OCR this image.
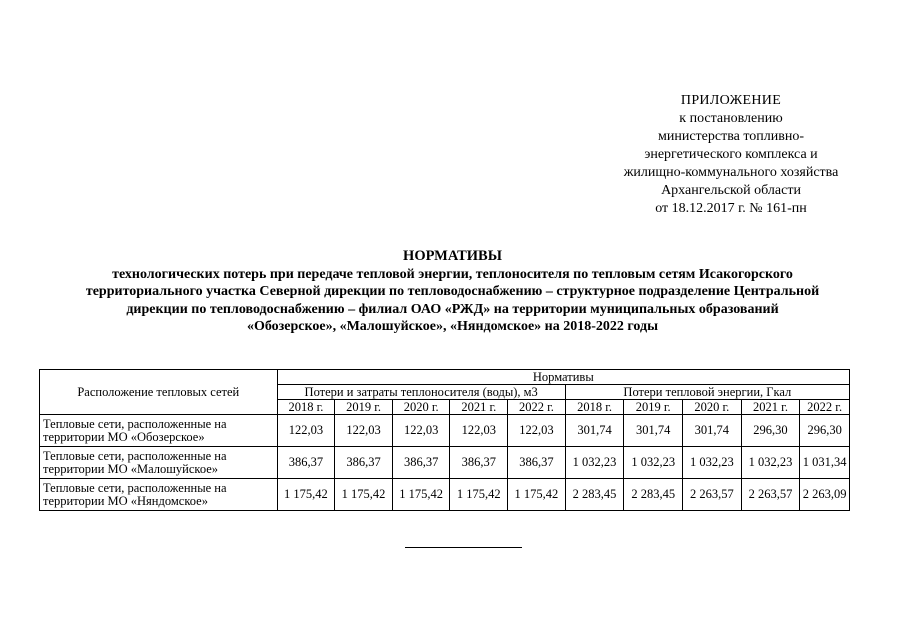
ПРИЛОЖЕНИЕ
к постановлению
министерства топливно-
энергетического комплекса и
жилищно-коммунального хозяйства
Архангельской области
от 18.12.2017 г. № 161-пн
НОРМАТИВЫ
технологических потерь при передаче тепловой энергии, теплоносителя по тепловым сетям Исакогорского
территориального участка Северной дирекции по тепловодоснабжению – структурное подразделение Центральной
дирекции по тепловодоснабжению – филиал ОАО «РЖД» на территории муниципальных образований
«Обозерское», «Малошуйское», «Няндомское» на 2018-2022 годы
Расположение тепловых сетей	Нормативы									
	Потери и затраты теплоносителя (воды), м3					Потери тепловой энергии, Гкал				
	2018 г.	2019 г.	2020 г.	2021 г.	2022 г.	2018 г.	2019 г.	2020 г.	2021 г.	2022 г.
Тепловые сети, расположенные на территории МО «Обозерское»	122,03	122,03	122,03	122,03	122,03	301,74	301,74	301,74	296,30	296,30
Тепловые сети, расположенные на территории МО «Малошуйское»	386,37	386,37	386,37	386,37	386,37	1 032,23	1 032,23	1 032,23	1 032,23	1 031,34
Тепловые сети, расположенные на территории МО «Няндомское»	1 175,42	1 175,42	1 175,42	1 175,42	1 175,42	2 283,45	2 283,45	2 263,57	2 263,57	2 263,09
